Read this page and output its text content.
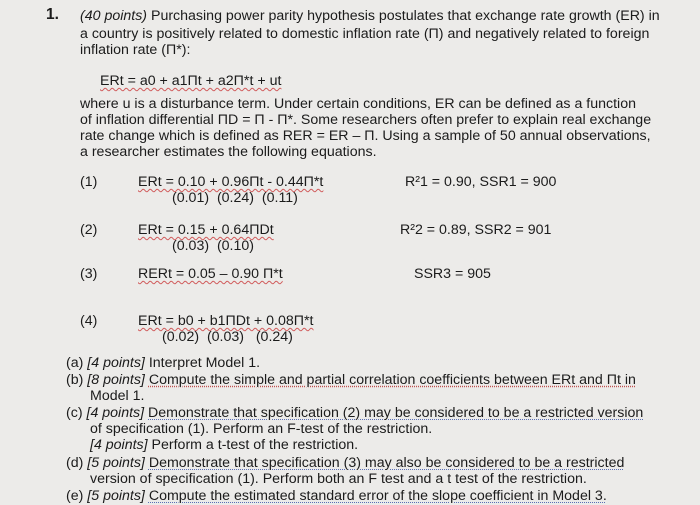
1. (40 points) Purchasing power parity hypothesis postulates that exchange rate growth (ER) in
a country is positively related to domestic inflation rate (Π) and negatively related to foreign
inflation rate (Π*):
ERt = a0 + a1Πt + a2Π*t + ut
where u is a disturbance term. Under certain conditions, ER can be defined as a function
of inflation differential ΠD = Π - Π*. Some researchers often prefer to explain real exchange
rate change which is defined as RER = ER – Π. Using a sample of 50 annual observations,
a researcher estimates the following equations.
(1)	ERt = 0.10 + 0.96Πt - 0.44Π*t
(0.01)  (0.24)  (0.11)
R²1 = 0.90, SSR1 = 900
(2)	ERt = 0.15 + 0.64ΠDt
(0.03)  (0.10)
R²2 = 0.89, SSR2 = 901
(3)	RERt = 0.05 – 0.90 Π*t	SSR3 = 905
(4)	ERt = b0 + b1ΠDt + 0.08Π*t
(0.02)  (0.03)   (0.24)
(a) [4 points] Interpret Model 1.
(b) [8 points] Compute the simple and partial correlation coefficients between ERt and Πt in
Model 1.
(c) [4 points] Demonstrate that specification (2) may be considered to be a restricted version
of specification (1). Perform an F-test of the restriction.
[4 points] Perform a t-test of the restriction.
(d) [5 points] Demonstrate that specification (3) may also be considered to be a restricted
version of specification (1). Perform both an F test and a t test of the restriction.
(e) [5 points] Compute the estimated standard error of the slope coefficient in Model 3.
